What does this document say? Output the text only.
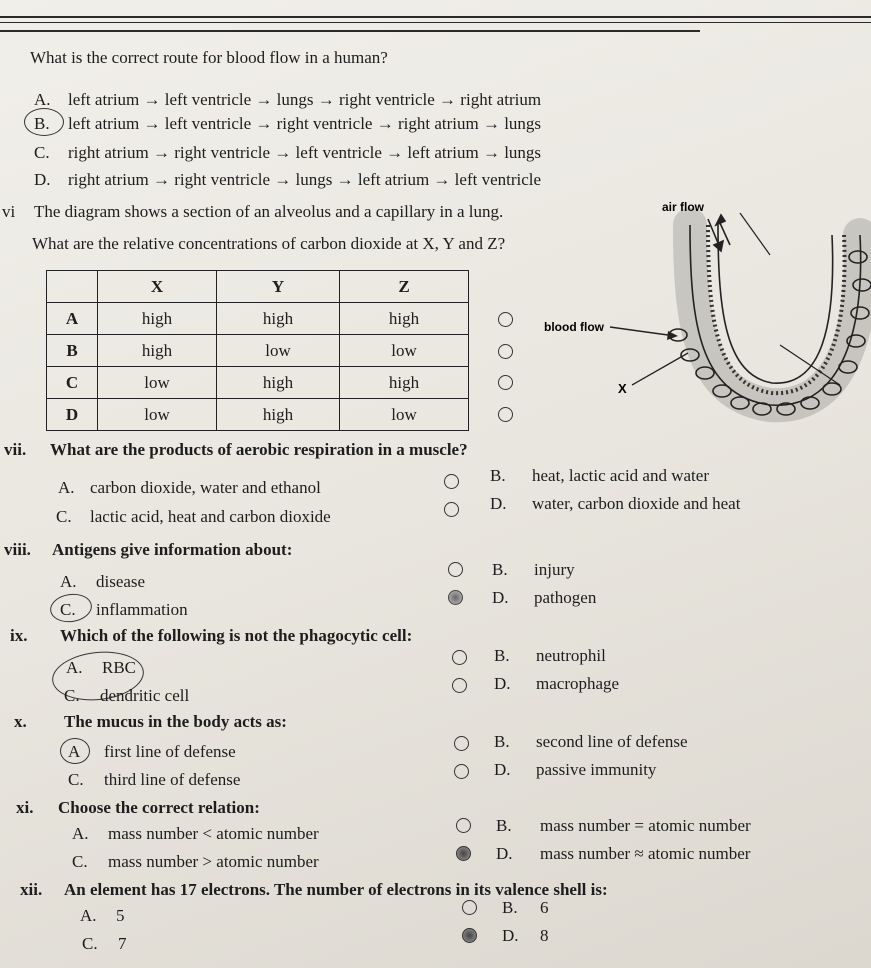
What is the correct route for blood flow in a human?
A. left atrium → left ventricle → lungs → right ventricle → right atrium
B. left atrium → left ventricle → right ventricle → right atrium → lungs
C. right atrium → right ventricle → left ventricle → left atrium → lungs
D. right atrium → right ventricle → lungs → left atrium → left ventricle
vi The diagram shows a section of an alveolus and a capillary in a lung.
What are the relative concentrations of carbon dioxide at X, Y and Z?
	X	Y	Z
A	high	high	high
B	high	low	low
C	low	high	high
D	low	high	low
air flow
blood flow
X
vii. What are the products of aerobic respiration in a muscle?
A. carbon dioxide, water and ethanol
B. heat, lactic acid and water
C. lactic acid, heat and carbon dioxide
D. water, carbon dioxide and heat
viii. Antigens give information about:
A. disease
B. injury
C. inflammation
D. pathogen
ix. Which of the following is not the phagocytic cell:
A. RBC
B. neutrophil
C. dendritic cell
D. macrophage
x. The mucus in the body acts as:
A first line of defense
B. second line of defense
C. third line of defense
D. passive immunity
xi. Choose the correct relation:
A. mass number < atomic number	B. mass number = atomic number
C. mass number > atomic number	D. mass number ≈ atomic number
xii. An element has 17 electrons. The number of electrons in its valence shell is:
A. 5	B. 6
C. 7	D. 8
